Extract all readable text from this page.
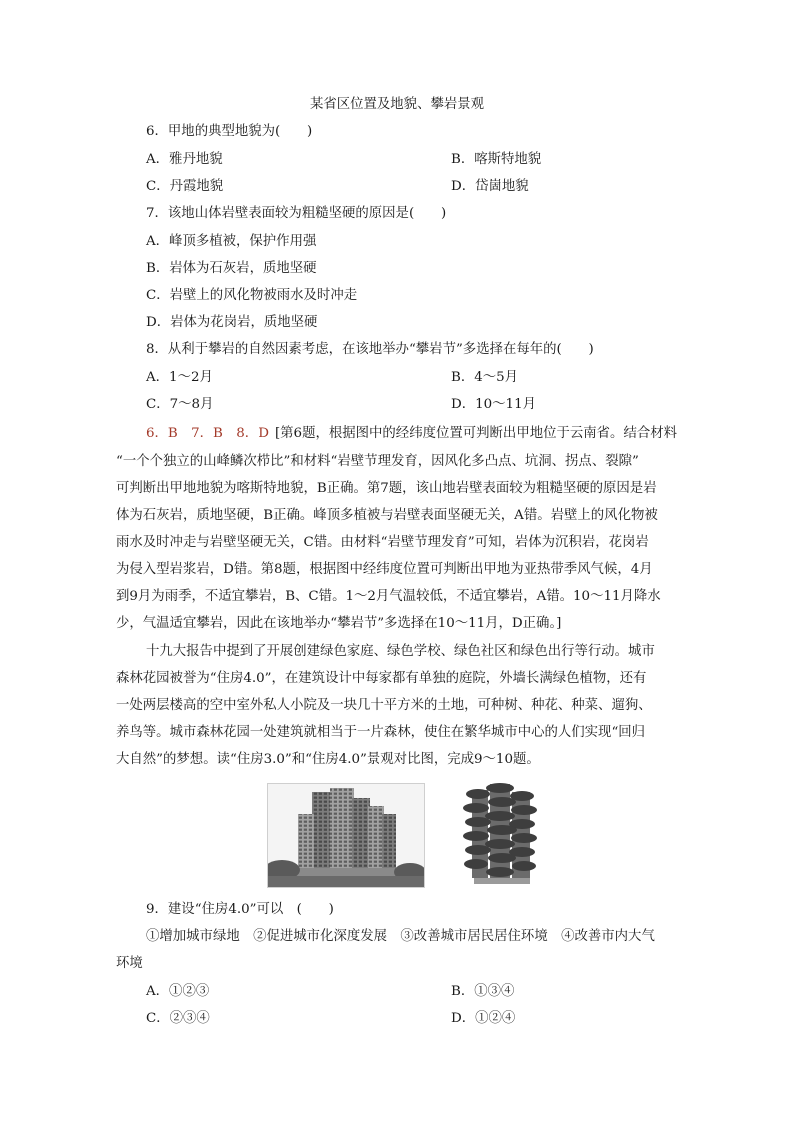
某省区位置及地貌、攀岩景观
6．甲地的典型地貌为(　　)
A．雅丹地貌	B．喀斯特地貌
C．丹霞地貌	D．岱崮地貌
7．该地山体岩壁表面较为粗糙坚硬的原因是(　　)
A．峰顶多植被，保护作用强
B．岩体为石灰岩，质地坚硬
C．岩壁上的风化物被雨水及时冲走
D．岩体为花岗岩，质地坚硬
8．从利于攀岩的自然因素考虑，在该地举办“攀岩节”多选择在每年的(　　)
A．1～2月	B．4～5月
C．7～8月	D．10～11月
6．B　7．B　8．D [第6题，根据图中的经纬度位置可判断出甲地位于云南省。结合材料
“一个个独立的山峰鳞次栉比”和材料“岩壁节理发育，因风化多凸点、坑洞、拐点、裂隙”
可判断出甲地地貌为喀斯特地貌，B正确。第7题，该山地岩壁表面较为粗糙坚硬的原因是岩
体为石灰岩，质地坚硬，B正确。峰顶多植被与岩壁表面坚硬无关，A错。岩壁上的风化物被
雨水及时冲走与岩壁坚硬无关，C错。由材料“岩壁节理发育”可知，岩体为沉积岩，花岗岩
为侵入型岩浆岩，D错。第8题，根据图中经纬度位置可判断出甲地为亚热带季风气候，4月
到9月为雨季，不适宜攀岩，B、C错。1～2月气温较低，不适宜攀岩，A错。10～11月降水
少，气温适宜攀岩，因此在该地举办“攀岩节”多选择在10～11月，D正确。]
十九大报告中提到了开展创建绿色家庭、绿色学校、绿色社区和绿色出行等行动。城市
森林花园被誉为“住房4.0”，在建筑设计中每家都有单独的庭院，外墙长满绿色植物，还有
一处两层楼高的空中室外私人小院及一块几十平方米的土地，可种树、种花、种菜、遛狗、
养鸟等。城市森林花园一处建筑就相当于一片森林，使住在繁华城市中心的人们实现“回归
大自然”的梦想。读“住房3.0”和“住房4.0”景观对比图，完成9～10题。
9．建设“住房4.0”可以　(　　)
①增加城市绿地　②促进城市化深度发展　③改善城市居民居住环境　④改善市内大气
环境
A．①②③	B．①③④
C．②③④	D．①②④
